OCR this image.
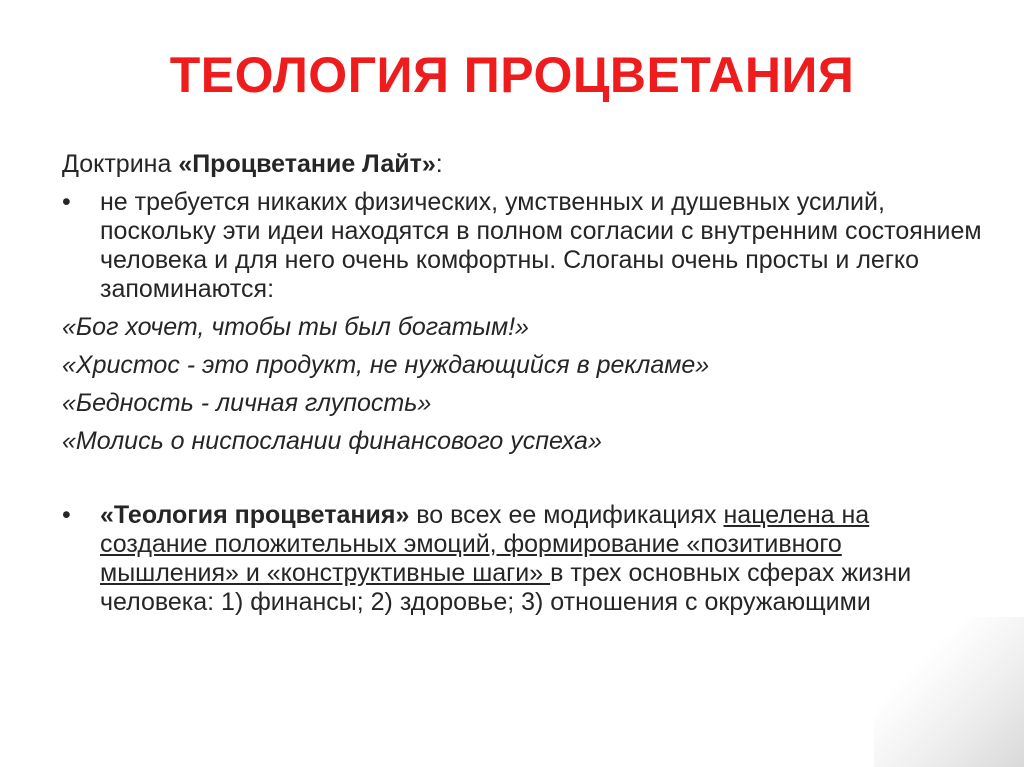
ТЕОЛОГИЯ ПРОЦВЕТАНИЯ
Доктрина «Процветание Лайт»:
•	не требуется никаких физических, умственных и душевных усилий, поскольку эти идеи находятся в полном согласии с внутренним состоянием человека и для него очень комфортны. Слоганы очень просты и легко запоминаются:
«Бог хочет, чтобы ты был богатым!»
«Христос - это продукт, не нуждающийся в рекламе»
«Бедность - личная глупость»
«Молись о ниспослании финансового успеха»
•	«Теология процветания» во всех ее модификациях нацелена на создание положительных эмоций, формирование «позитивного мышления» и «конструктивные шаги» в трех основных сферах жизни человека: 1) финансы; 2) здоровье; 3) отношения с окружающими
